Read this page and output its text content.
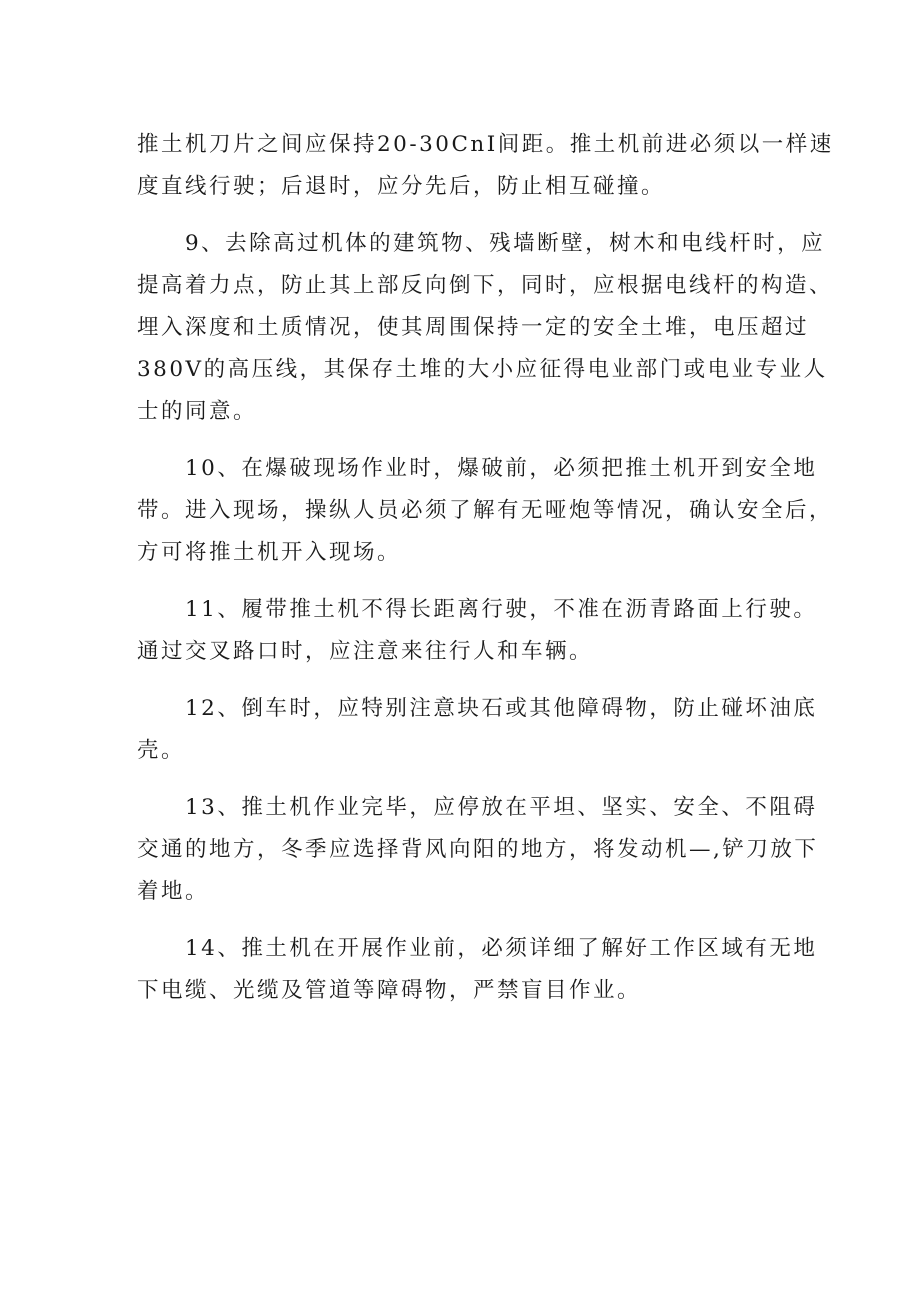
推土机刀片之间应保持20-30CnI间距。推土机前进必须以一样速
度直线行驶；后退时，应分先后，防止相互碰撞。
9、去除高过机体的建筑物、残墙断壁，树木和电线杆时，应
提高着力点，防止其上部反向倒下，同时，应根据电线杆的构造、
埋入深度和土质情况，使其周围保持一定的安全土堆，电压超过
380V的高压线，其保存土堆的大小应征得电业部门或电业专业人
士的同意。
10、在爆破现场作业时，爆破前，必须把推土机开到安全地
带。进入现场，操纵人员必须了解有无哑炮等情况，确认安全后，
方可将推土机开入现场。
11、履带推土机不得长距离行驶，不准在沥青路面上行驶。
通过交叉路口时，应注意来往行人和车辆。
12、倒车时，应特别注意块石或其他障碍物，防止碰坏油底
壳。
13、推土机作业完毕，应停放在平坦、坚实、安全、不阻碍
交通的地方，冬季应选择背风向阳的地方，将发动机—,铲刀放下
着地。
14、推土机在开展作业前，必须详细了解好工作区域有无地
下电缆、光缆及管道等障碍物，严禁盲目作业。
